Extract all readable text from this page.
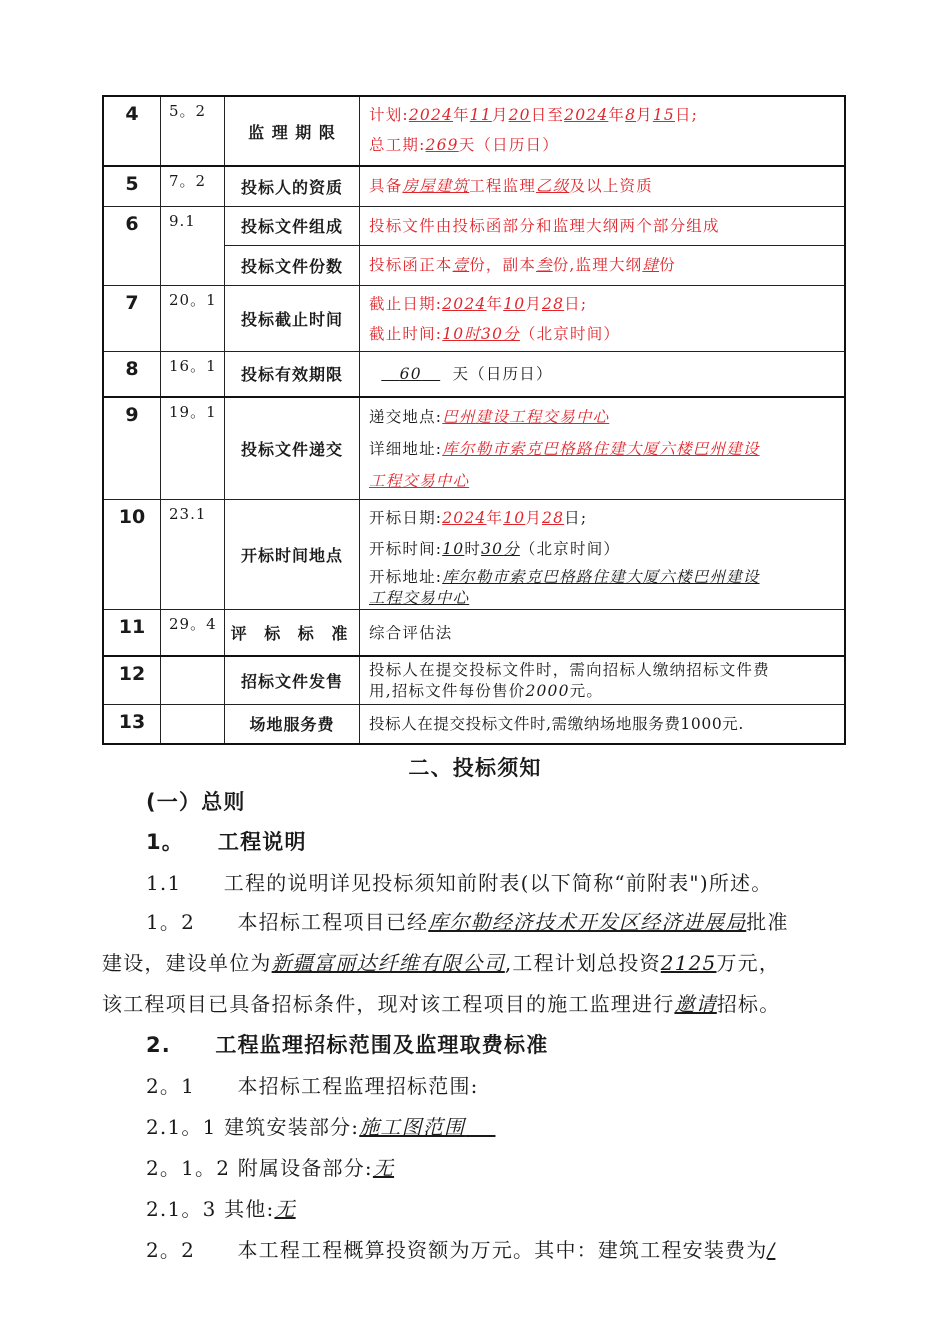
4	5。2	监 理 期 限	计划:2024年11月20日至2024年8月15日;
总工期:269天（日历日）

5	7。2	投标人的资质	具备房屋建筑工程监理乙级及以上资质

6	9.1	投标文件组成	投标文件由投标函部分和监理大纲两个部分组成

		投标文件份数	投标函正本壹份，副本叁份,监理大纲肆份

7	20。1	投标截止时间	截止日期:2024年10月28日;
截止时间:10时30分（北京时间）

8	16。1	投标有效期限	60 天（日历日）

9	19。1	投标文件递交	递交地点:巴州建设工程交易中心
详细地址:库尔勒市索克巴格路住建大厦六楼巴州建设
工程交易中心

10	23.1	开标时间地点	开标日期:2024年10月28日;
开标时间:10时30分（北京时间）
开标地址:库尔勒市索克巴格路住建大厦六楼巴州建设
工程交易中心

11	29。4	评 标 标 准	综合评估法

12		招标文件发售	投标人在提交投标文件时，需向招标人缴纳招标文件费
用,招标文件每份售价2000元。

13		场地服务费	投标人在提交投标文件时,需缴纳场地服务费1000元.
二、投标须知
(一）总则
1。　　工程说明
1.1　　工程的说明详见投标须知前附表(以下简称“前附表")所述。
1。2　　本招标工程项目已经库尔勒经济技术开发区经济进展局批准
建设，建设单位为新疆富丽达纤维有限公司,工程计划总投资2125万元，
该工程项目已具备招标条件，现对该工程项目的施工监理进行邀请招标。
2.　　工程监理招标范围及监理取费标准
2。1　　本招标工程监理招标范围:
2.1。1 建筑安装部分:施工图范围
2。1。2 附属设备部分:无
2.1。3 其他:无
2。2　　本工程工程概算投资额为万元。其中：建筑工程安装费为/
